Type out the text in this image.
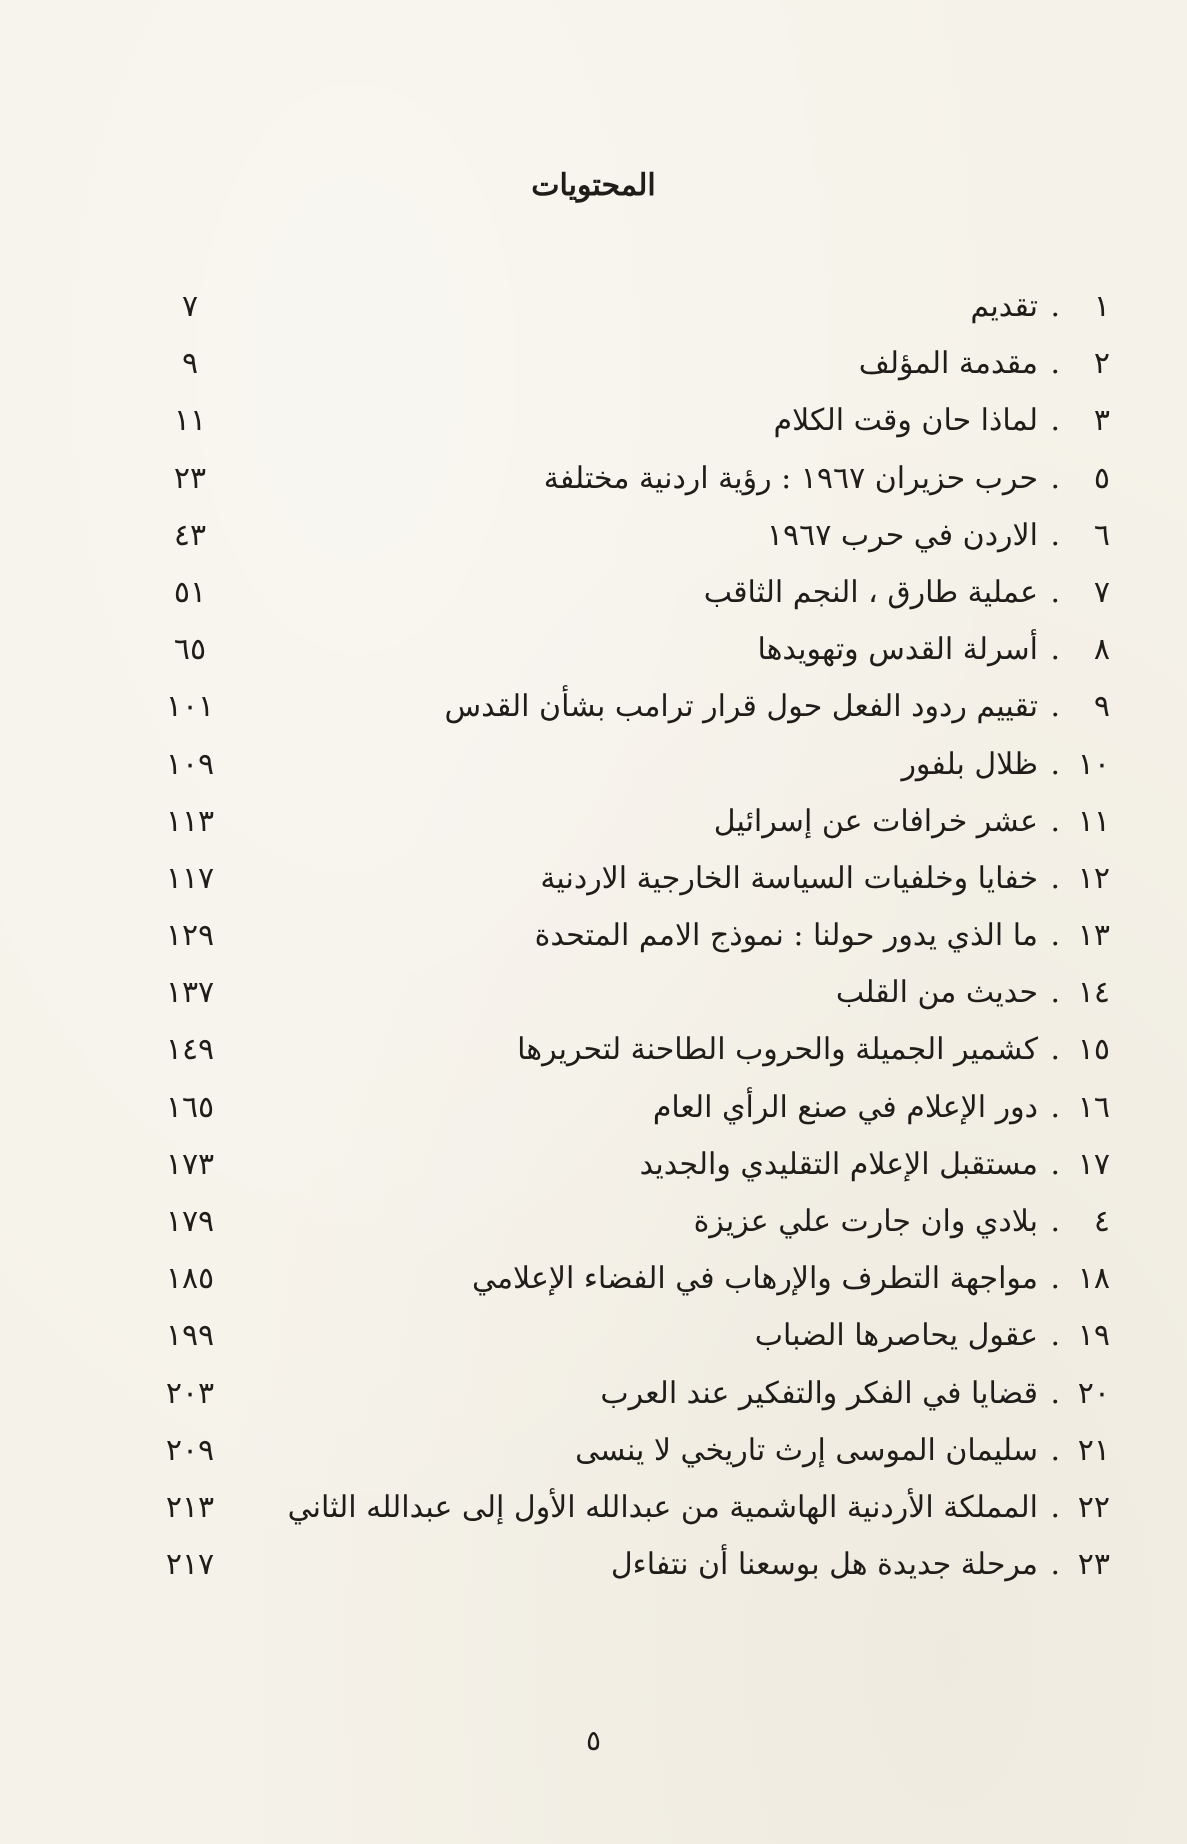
المحتويات
١
.
تقديم
٧
٢
.
مقدمة المؤلف
٩
٣
.
لماذا حان وقت الكلام
١١
٥
.
حرب حزيران ١٩٦٧ : رؤية اردنية مختلفة
٢٣
٦
.
الاردن في حرب ١٩٦٧
٤٣
٧
.
عملية طارق ، النجم الثاقب
٥١
٨
.
أسرلة القدس وتهويدها
٦٥
٩
.
تقييم ردود الفعل حول قرار ترامب بشأن القدس
١٠١
١٠
.
ظلال بلفور
١٠٩
١١
.
عشر خرافات عن إسرائيل
١١٣
١٢
.
خفايا وخلفيات السياسة الخارجية الاردنية
١١٧
١٣
.
ما الذي يدور حولنا : نموذج الامم المتحدة
١٢٩
١٤
.
حديث من القلب
١٣٧
١٥
.
كشمير الجميلة والحروب الطاحنة لتحريرها
١٤٩
١٦
.
دور الإعلام في صنع الرأي العام
١٦٥
١٧
.
مستقبل الإعلام التقليدي والجديد
١٧٣
٤
.
بلادي وان جارت علي عزيزة
١٧٩
١٨
.
مواجهة التطرف والإرهاب في الفضاء الإعلامي
١٨٥
١٩
.
عقول يحاصرها الضباب
١٩٩
٢٠
.
قضايا في الفكر والتفكير عند العرب
٢٠٣
٢١
.
سليمان الموسى إرث تاريخي لا ينسى
٢٠٩
٢٢
.
المملكة الأردنية الهاشمية من عبدالله الأول إلى عبدالله الثاني
٢١٣
٢٣
.
مرحلة جديدة هل بوسعنا أن نتفاءل
٢١٧
٥
